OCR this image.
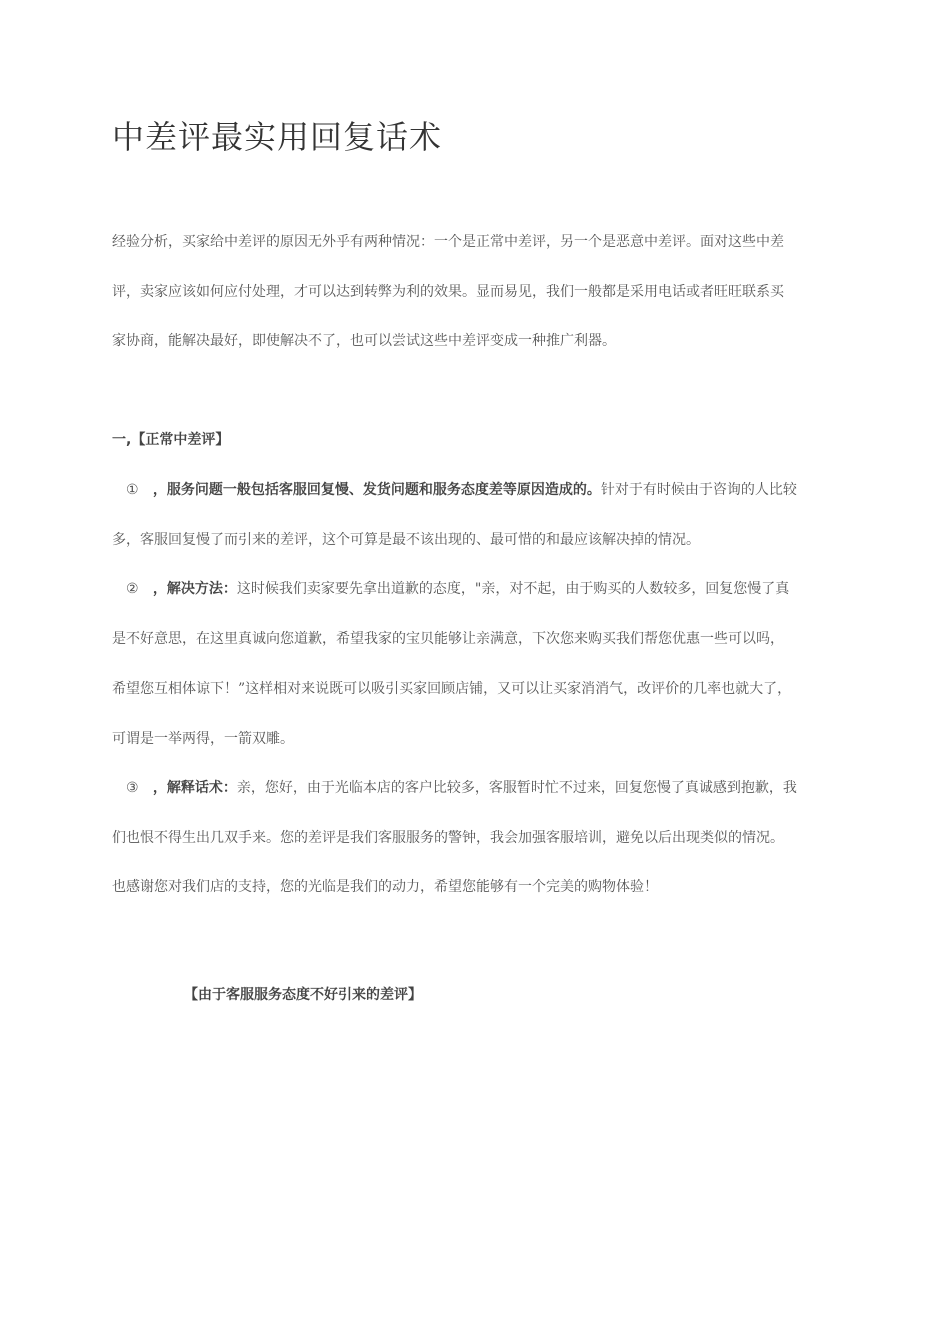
中差评最实用回复话术
经验分析，买家给中差评的原因无外乎有两种情况：一个是正常中差评，另一个是恶意中差评。面对这些中差
评，卖家应该如何应付处理，才可以达到转弊为利的效果。显而易见，我们一般都是采用电话或者旺旺联系买
家协商，能解决最好，即使解决不了，也可以尝试这些中差评变成一种推广利器。
一,【正常中差评】
① ，服务问题一般包括客服回复慢、发货问题和服务态度差等原因造成的。针对于有时候由于咨询的人比较
多，客服回复慢了而引来的差评，这个可算是最不该出现的、最可惜的和最应该解决掉的情况。
② ，解决方法：这时候我们卖家要先拿出道歉的态度，"亲，对不起，由于购买的人数较多，回复您慢了真
是不好意思，在这里真诚向您道歉，希望我家的宝贝能够让亲满意，下次您来购买我们帮您优惠一些可以吗，
希望您互相体谅下！”这样相对来说既可以吸引买家回顾店铺，又可以让买家消消气，改评价的几率也就大了，
可谓是一举两得，一箭双雕。
③ ，解释话术：亲，您好，由于光临本店的客户比较多，客服暂时忙不过来，回复您慢了真诚感到抱歉，我
们也恨不得生出几双手来。您的差评是我们客服服务的警钟，我会加强客服培训，避免以后出现类似的情况。
也感谢您对我们店的支持，您的光临是我们的动力，希望您能够有一个完美的购物体验！
【由于客服服务态度不好引来的差评】
